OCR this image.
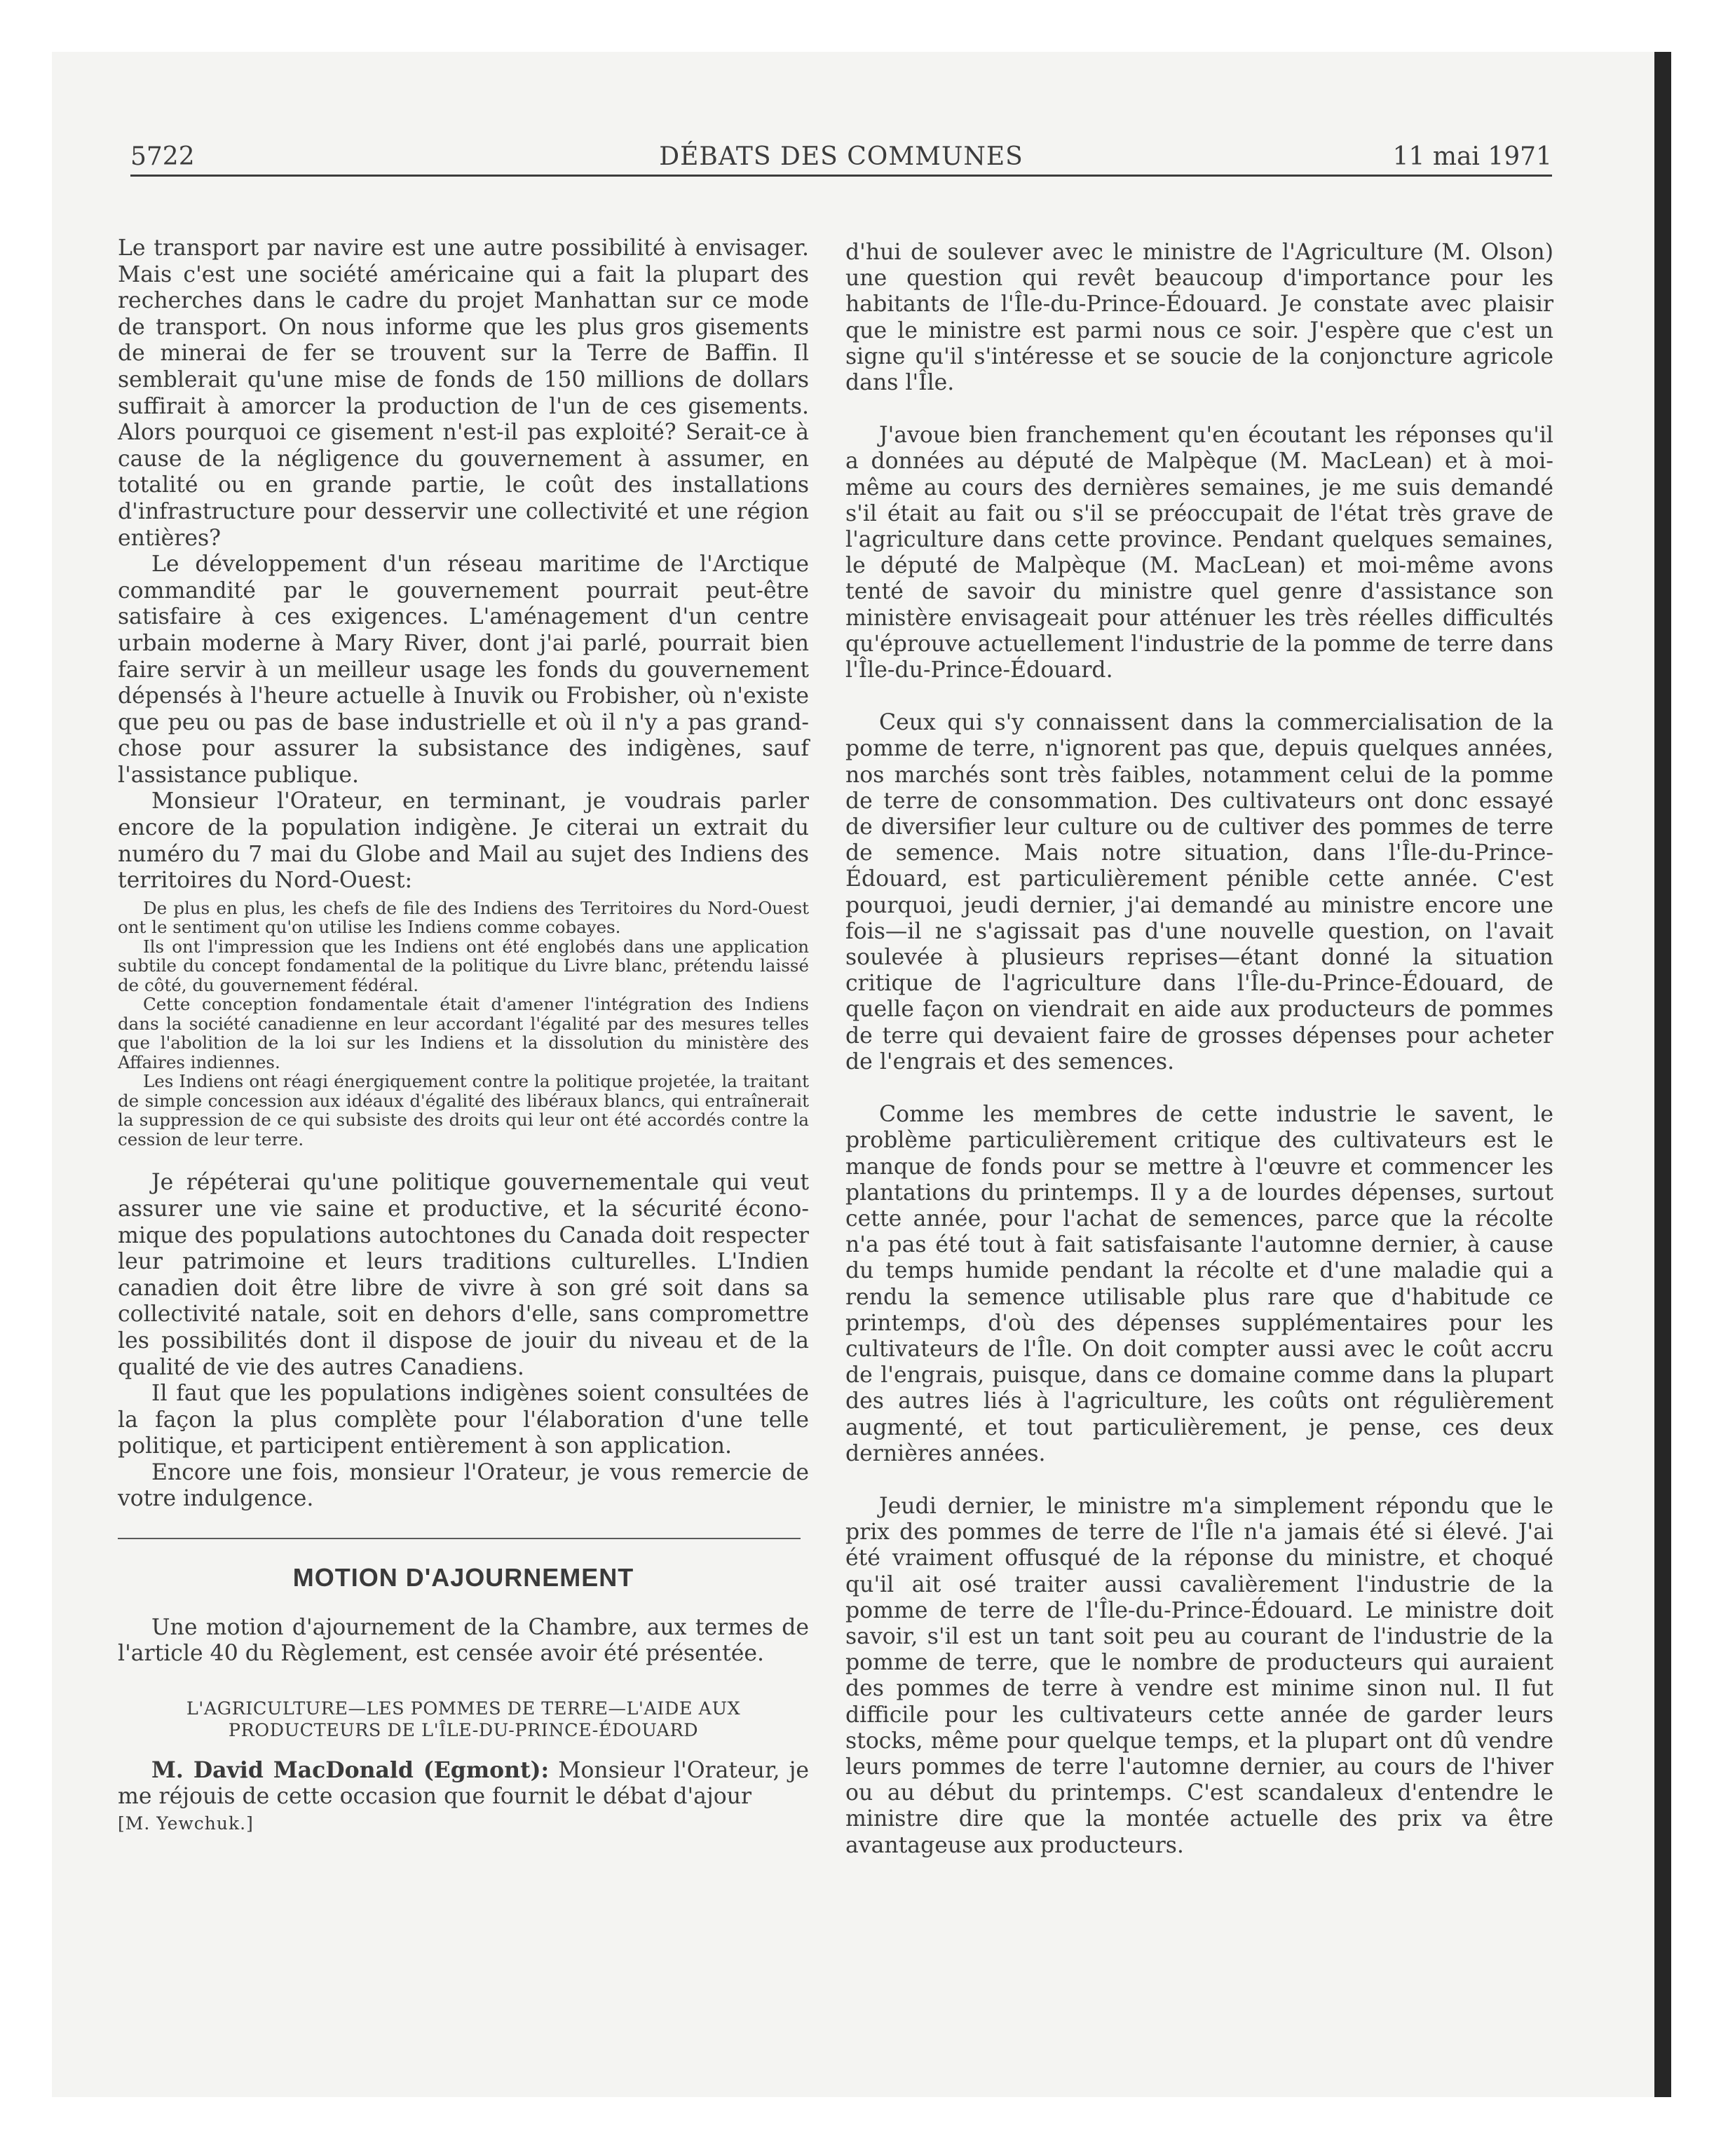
DÉBATS DES COMMUNES
5722	11 mai 1971

Le transport par navire est une autre possibilité à envisager. Mais c'est une société américaine qui a fait la plupart des recherches dans le cadre du projet Manhattan sur ce mode de transport. On nous informe que les plus gros gisements de minerai de fer se trouvent sur la Terre de Baffin. Il semblerait qu'une mise de fonds de 150 millions de dollars suffirait à amorcer la production de l'un de ces gisements. Alors pourquoi ce gisement n'est-il pas exploité? Serait-ce à cause de la négligence du gouvernement à assumer, en totalité ou en grande partie, le coût des installations d'infrastructure pour desservir une collectivité et une région entières?

Le développement d'un réseau maritime de l'Arctique commandité par le gouvernement pourrait peut-être satisfaire à ces exigences. L'aménagement d'un centre urbain moderne à Mary River, dont j'ai parlé, pourrait bien faire servir à un meilleur usage les fonds du gouvernement dépensés à l'heure actuelle à Inuvik ou Frobisher, où n'existe que peu ou pas de base industrielle et où il n'y a pas grand-chose pour assurer la subsistance des indigènes, sauf l'assistance publique.

Monsieur l'Orateur, en terminant, je voudrais parler encore de la population indigène. Je citerai un extrait du numéro du 7 mai du Globe and Mail au sujet des Indiens des territoires du Nord-Ouest:

De plus en plus, les chefs de file des Indiens des Territoires du Nord-Ouest ont le sentiment qu'on utilise les Indiens comme cobayes.

Ils ont l'impression que les Indiens ont été englobés dans une application subtile du concept fondamental de la politique du Livre blanc, prétendu laissé de côté, du gouvernement fédéral.

Cette conception fondamentale était d'amener l'intégration des Indiens dans la société canadienne en leur accordant l'égalité par des mesures telles que l'abolition de la loi sur les Indiens et la dissolution du ministère des Affaires indiennes.

Les Indiens ont réagi énergiquement contre la politique projetée, la traitant de simple concession aux idéaux d'égalité des libéraux blancs, qui entraînerait la suppression de ce qui subsiste des droits qui leur ont été accordés contre la cession de leur terre.

Je répéterai qu'une politique gouvernementale qui veut assurer une vie saine et productive, et la sécurité économique des populations autochtones du Canada doit respecter leur patrimoine et leurs traditions culturelles. L'Indien canadien doit être libre de vivre à son gré soit dans sa collectivité natale, soit en dehors d'elle, sans compromettre les possibilités dont il dispose de jouir du niveau et de la qualité de vie des autres Canadiens.

Il faut que les populations indigènes soient consultées de la façon la plus complète pour l'élaboration d'une telle politique, et participent entièrement à son application.

Encore une fois, monsieur l'Orateur, je vous remercie de votre indulgence.

MOTION D'AJOURNEMENT

Une motion d'ajournement de la Chambre, aux termes de l'article 40 du Règlement, est censée avoir été présentée.

L'AGRICULTURE—LES POMMES DE TERRE—L'AIDE AUX PRODUCTEURS DE L'ÎLE-DU-PRINCE-ÉDOUARD

M. David MacDonald (Egmont): Monsieur l'Orateur, je me réjouis de cette occasion que fournit le débat d'ajour

[M. Yewchuk.]

d'hui de soulever avec le ministre de l'Agriculture (M. Olson) une question qui revêt beaucoup d'importance pour les habitants de l'Île-du-Prince-Édouard. Je constate avec plaisir que le ministre est parmi nous ce soir. J'espère que c'est un signe qu'il s'intéresse et se soucie de la conjoncture agricole dans l'Île.

J'avoue bien franchement qu'en écoutant les réponses qu'il a données au député de Malpèque (M. MacLean) et à moi-même au cours des dernières semaines, je me suis demandé s'il était au fait ou s'il se préoccupait de l'état très grave de l'agriculture dans cette province. Pendant quelques semaines, le député de Malpèque (M. MacLean) et moi-même avons tenté de savoir du ministre quel genre d'assistance son ministère envisageait pour atténuer les très réelles difficultés qu'éprouve actuellement l'industrie de la pomme de terre dans l'Île-du-Prince-Édouard.

Ceux qui s'y connaissent dans la commercialisation de la pomme de terre, n'ignorent pas que, depuis quelques années, nos marchés sont très faibles, notamment celui de la pomme de terre de consommation. Des cultivateurs ont donc essayé de diversifier leur culture ou de cultiver des pommes de terre de semence. Mais notre situation, dans l'Île-du-Prince-Édouard, est particulièrement pénible cette année. C'est pourquoi, jeudi dernier, j'ai demandé au ministre encore une fois—il ne s'agissait pas d'une nouvelle question, on l'avait soulevée à plusieurs reprises—étant donné la situation critique de l'agriculture dans l'Île-du-Prince-Édouard, de quelle façon on viendrait en aide aux producteurs de pommes de terre qui devaient faire de grosses dépenses pour acheter de l'engrais et des semences.

Comme les membres de cette industrie le savent, le problème particulièrement critique des cultivateurs est le manque de fonds pour se mettre à l'œuvre et commencer les plantations du printemps. Il y a de lourdes dépenses, surtout cette année, pour l'achat de semences, parce que la récolte n'a pas été tout à fait satisfaisante l'automne dernier, à cause du temps humide pendant la récolte et d'une maladie qui a rendu la semence utilisable plus rare que d'habitude ce printemps, d'où des dépenses supplémentaires pour les cultivateurs de l'Île. On doit compter aussi avec le coût accru de l'engrais, puisque, dans ce domaine comme dans la plupart des autres liés à l'agriculture, les coûts ont régulièrement augmenté, et tout particulièrement, je pense, ces deux dernières années.

Jeudi dernier, le ministre m'a simplement répondu que le prix des pommes de terre de l'Île n'a jamais été si élevé. J'ai été vraiment offusqué de la réponse du ministre, et choqué qu'il ait osé traiter aussi cavalièrement l'industrie de la pomme de terre de l'Île-du-Prince-Édouard. Le ministre doit savoir, s'il est un tant soit peu au courant de l'industrie de la pomme de terre, que le nombre de producteurs qui auraient des pommes de terre à vendre est minime sinon nul. Il fut difficile pour les cultivateurs cette année de garder leurs stocks, même pour quelque temps, et la plupart ont dû vendre leurs pommes de terre l'automne dernier, au cours de l'hiver ou au début du printemps. C'est scandaleux d'entendre le ministre dire que la montée actuelle des prix va être avantageuse aux producteurs.
